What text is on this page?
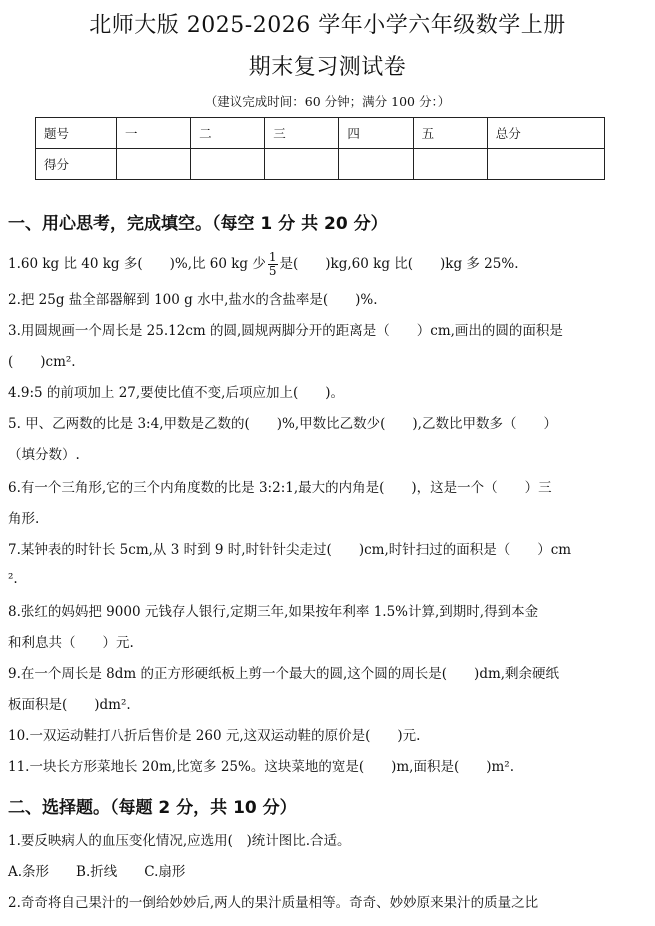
北师大版 2025-2026 学年小学六年级数学上册
期末复习测试卷
（建议完成时间：60 分钟；满分 100 分：）
题号	一	二	三	四	五	总分
得分						
一、用心思考，完成填空。（每空 1 分 共 20 分）
1.60 kg 比 40 kg 多(　　)%,比 60 kg 少 $\frac{1}{5}$ 是(　　)kg,60 kg 比(　　)kg 多 25%.
2.把 25g 盐全部器解到 100 g 水中,盐水的含盐率是(　　)%.
3.用圆规画一个周长是 25.12cm 的圆,圆规两脚分开的距离是（　　）cm,画出的圆的面积是
(　　)cm².
4.9:5 的前项加上 27,要使比值不变,后项应加上(　　)。
5. 甲、乙两数的比是 3:4,甲数是乙数的(　　)%,甲数比乙数少(　　),乙数比甲数多（　　）
（填分数）.
6.有一个三角形,它的三个内角度数的比是 3:2:1,最大的内角是(　　)，这是一个（　　）三
角形.
7.某钟表的时针长 5cm,从 3 时到 9 时,时针针尖走过(　　)cm,时针扫过的面积是（　　）cm
².
8.张红的妈妈把 9000 元钱存人银行,定期三年,如果按年利率 1.5%计算,到期时,得到本金
和利息共（　　）元.
9.在一个周长是 8dm 的正方形硬纸板上剪一个最大的圆,这个圆的周长是(　　)dm,剩余硬纸
板面积是(　　)dm².
10.一双运动鞋打八折后售价是 260 元,这双运动鞋的原价是(　　)元.
11.一块长方形菜地长 20m,比宽多 25%。这块菜地的宽是(　　)m,面积是(　　)m².
二、选择题。（每题 2 分，共 10 分）
1.要反映病人的血压变化情况,应选用(　)统计图比.合适。
A.条形　　B.折线　　C.扇形
2.奇奇将自己果汁的一倒给妙妙后,两人的果汁质量相等。奇奇、妙妙原来果汁的质量之比
